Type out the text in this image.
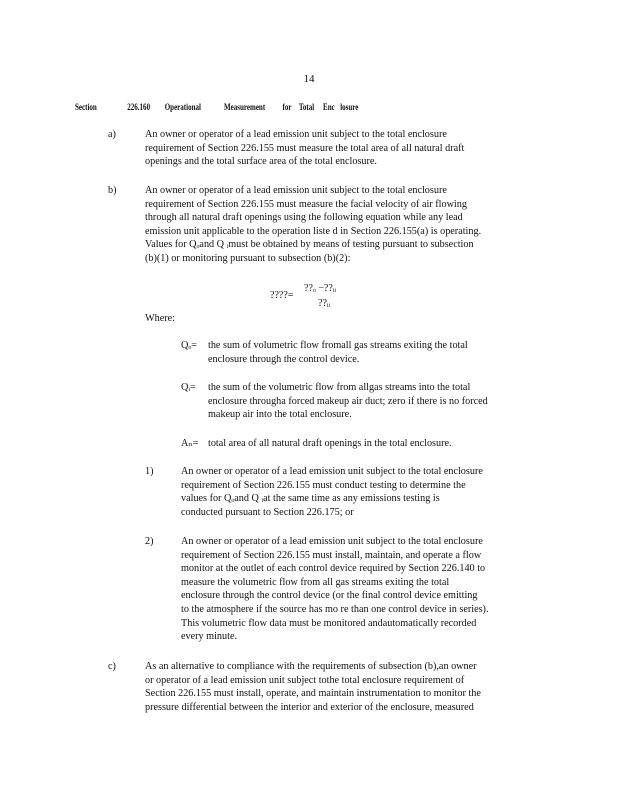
14
Section	226.160 Operational	Measurement for Total Enc losure
a)	An owner or operator of a lead emission unit subject to the total enclosure
requirement of Section 226.155 must measure the total area of all natural draft
openings and the total surface area of the total enclosure.
b)	An owner or operator of a lead emission unit subject to the total enclosure
requirement of Section 226.155 must measure the facial velocity of air flowing
through all natural draft openings using the following equation while any lead
emission unit applicable to the operation liste d in Section 226.155(a) is operating.
Values for Qₒand Q ᵢmust be obtained by means of testing pursuant to subsection
(b)(1) or monitoring pursuant to subsection (b)(2):
????=
??ₒ −??ᵢᵢ
??ᵢᵢ
Where:
Qₒ= the sum of volumetric flow fromall gas streams exiting the total
enclosure through the control device.
Qᵢ= the sum of the volumetric flow from allgas streams into the total
enclosure througha forced makeup air duct; zero if there is no forced
makeup air into the total enclosure.
Aₙ= total area of all natural draft openings in the total enclosure.
1)	An owner or operator of a lead emission unit subject to the total enclosure
requirement of Section 226.155 must conduct testing to determine the
values for Qₒand Q ᵢat the same time as any emissions testing is
conducted pursuant to Section 226.175; or
2)	An owner or operator of a lead emission unit subject to the total enclosure
requirement of Section 226.155 must install, maintain, and operate a flow
monitor at the outlet of each control device required by Section 226.140 to
measure the volumetric flow from all gas streams exiting the total
enclosure through the control device (or the final control device emitting
to the atmosphere if the source has mo re than one control device in series).
This volumetric flow data must be monitored andautomatically recorded
every minute.
c)	As an alternative to compliance with the requirements of subsection (b),an owner
or operator of a lead emission unit subject tothe total enclosure requirement of
Section 226.155 must install, operate, and maintain instrumentation to monitor the
pressure differential between the interior and exterior of the enclosure, measured
